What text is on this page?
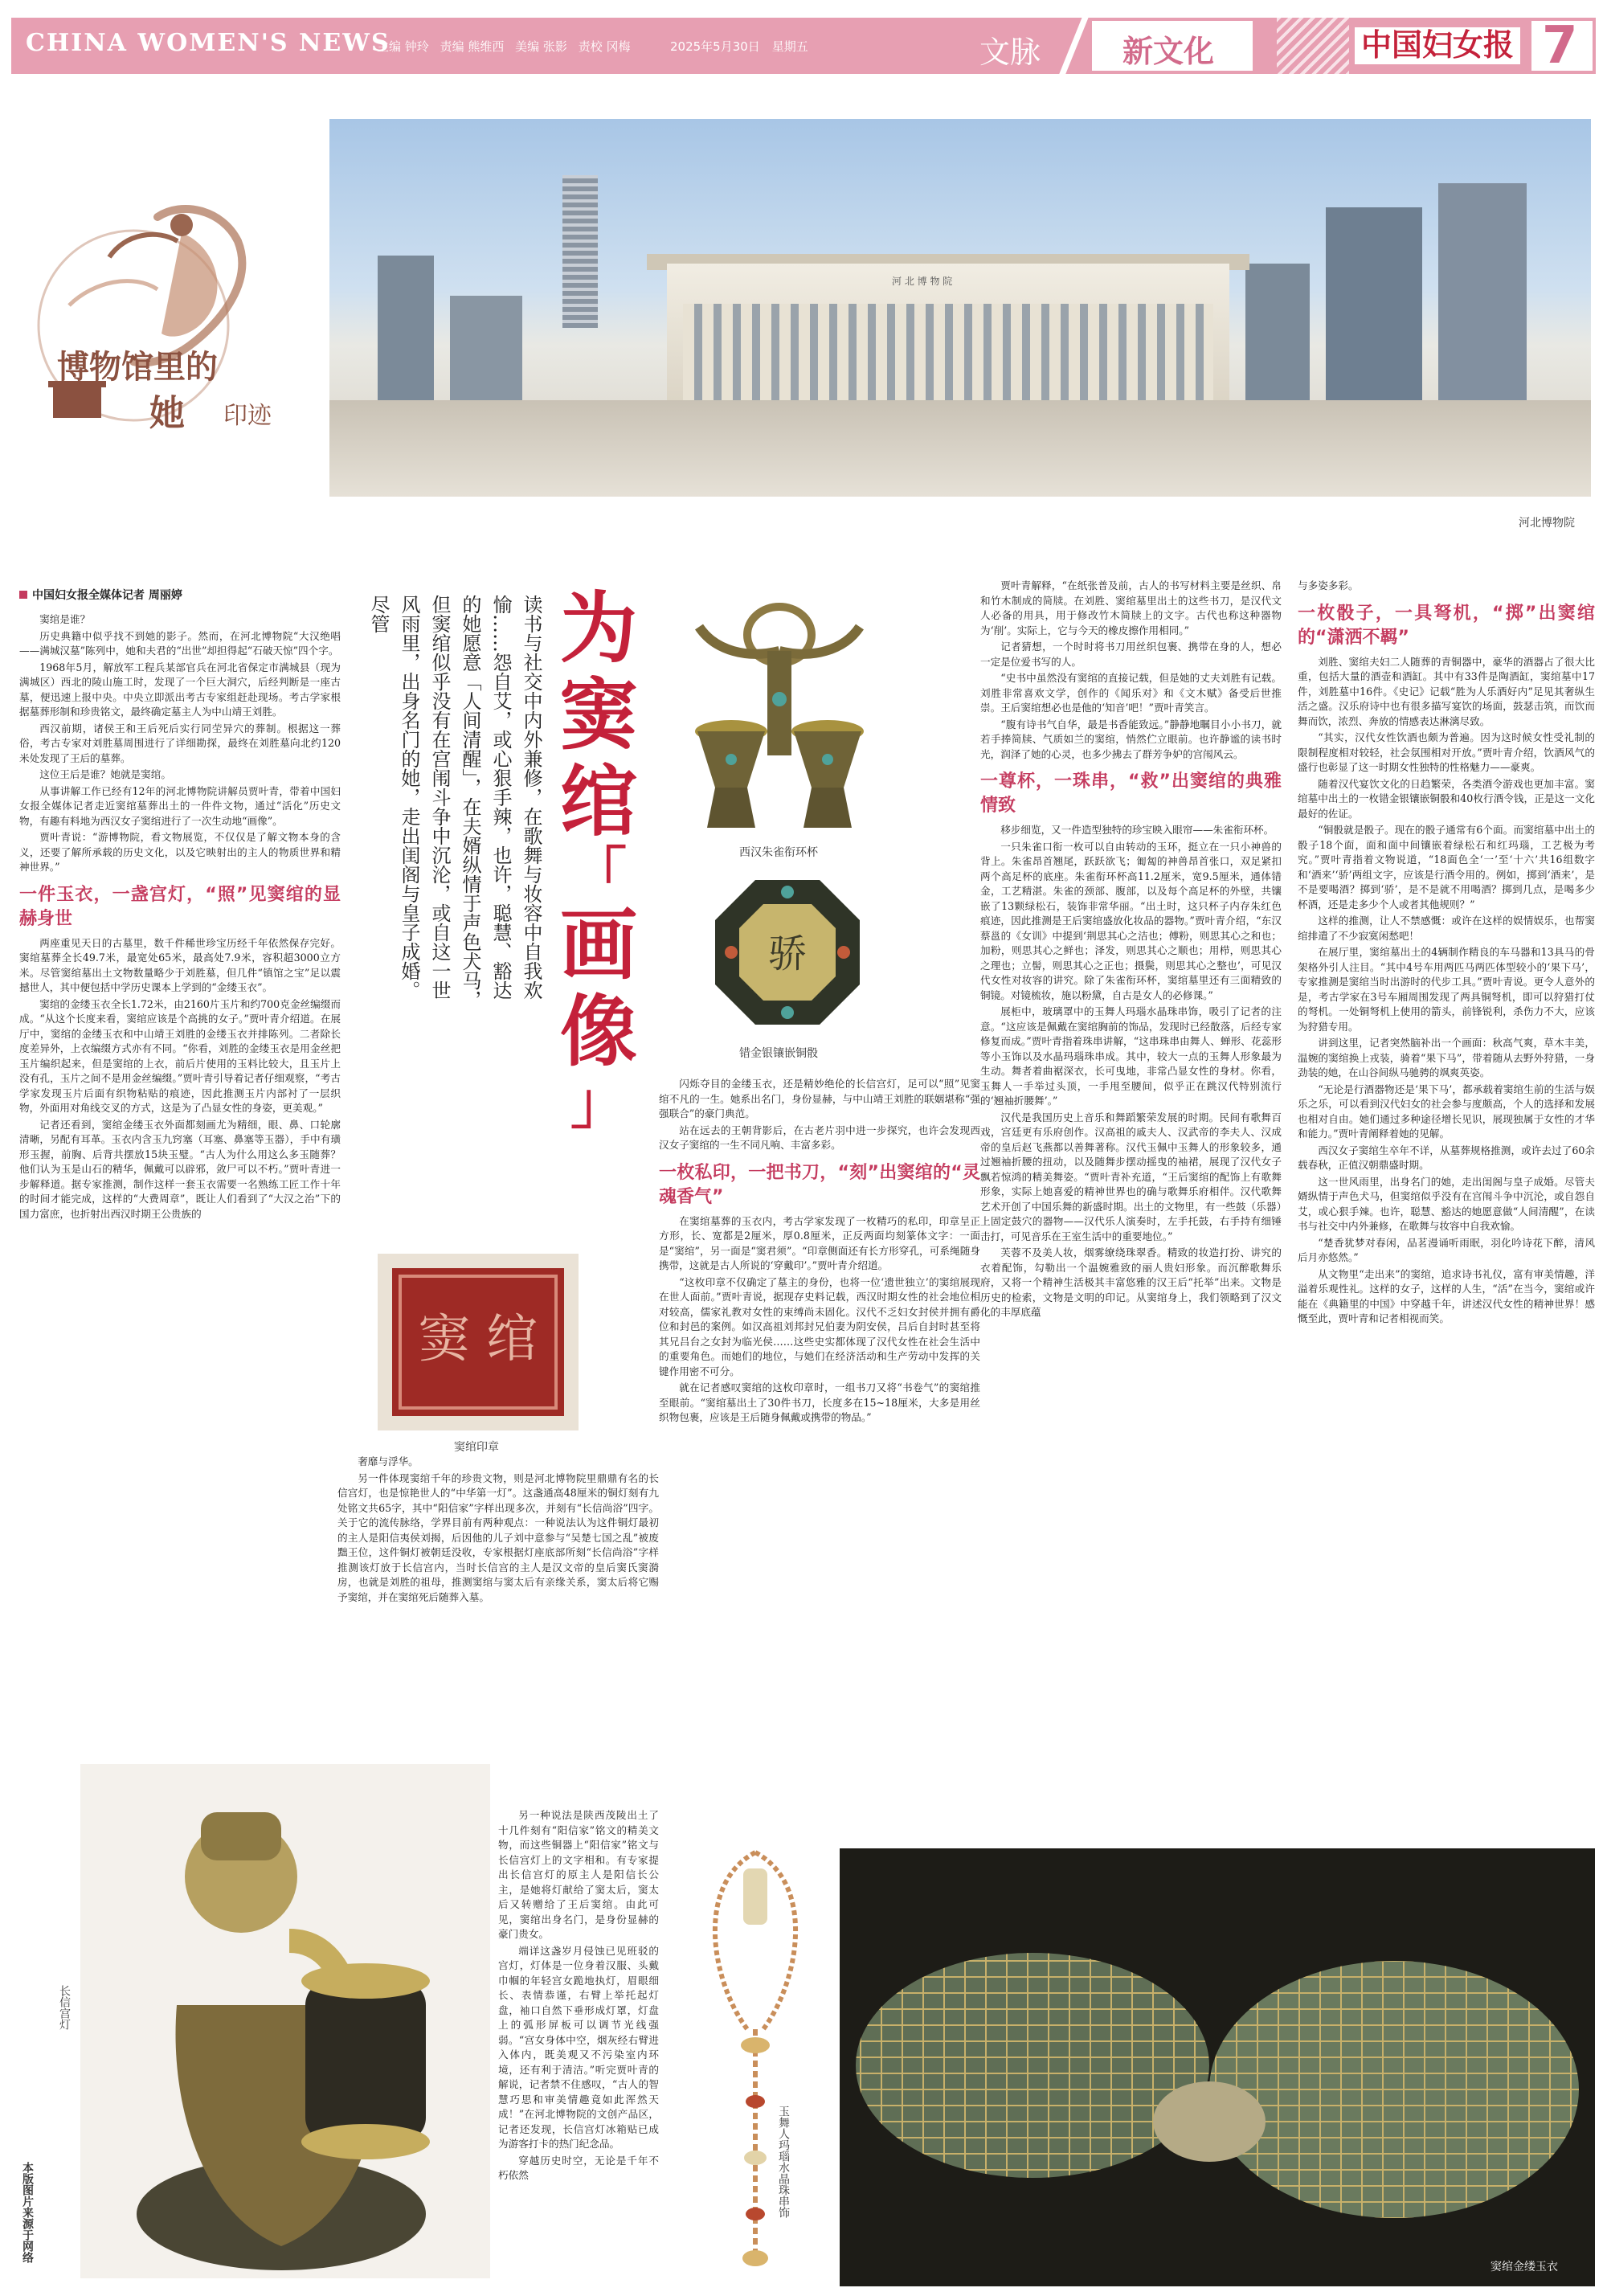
CHINA WOMEN'S NEWS
主编 钟玲 责编 熊维西 美编 张影 责校 冈梅	2025年5月30日　星期五	文脉	新文化	中国妇女报 7
博物馆里的
她 印迹
河 北 博 物 院
河北博物院
中国妇女报全媒体记者 周丽婷

窦绾是谁？

历史典籍中似乎找不到她的影子。然而，在河北博物院“大汉绝唱——满城汉墓”陈列中，她和夫君的“出世”却担得起“石破天惊”四个字。

1968年5月，解放军工程兵某部官兵在河北省保定市满城县（现为满城区）西北的陵山施工时，发现了一个巨大洞穴，后经判断是一座古墓，便迅速上报中央。中央立即派出考古专家组赶赴现场。考古学家根据墓葬形制和珍贵铭文，最终确定墓主人为中山靖王刘胜。

西汉前期，诸侯王和王后死后实行同茔异穴的葬制。根据这一葬俗，考古专家对刘胜墓周围进行了详细勘探，最终在刘胜墓向北约120米处发现了王后的墓葬。

这位王后是谁？她就是窦绾。

从事讲解工作已经有12年的河北博物院讲解员贾叶青，带着中国妇女报全媒体记者走近窦绾墓葬出土的一件件文物，通过“活化”历史文物，有趣有料地为西汉女子窦绾进行了一次生动地“画像”。

贾叶青说：“游博物院，看文物展览，不仅仅是了解文物本身的含义，还要了解所承载的历史文化，以及它映射出的主人的物质世界和精神世界。”

一件玉衣，一盏宫灯，“照”见窦绾的显赫身世

两座重见天日的古墓里，数千件稀世珍宝历经千年依然保存完好。窦绾墓葬全长49.7米，最宽处65米，最高处7.9米，容积超3000立方米。尽管窦绾墓出土文物数量略少于刘胜墓，但几件“镇馆之宝”足以震撼世人，其中便包括中学历史课本上学到的“金缕玉衣”。

窦绾的金缕玉衣全长1.72米，由2160片玉片和约700克金丝编缀而成。“从这个长度来看，窦绾应该是个高挑的女子。”贾叶青介绍道。在展厅中，窦绾的金缕玉衣和中山靖王刘胜的金缕玉衣并排陈列。二者除长度差异外，上衣编缀方式亦有不同。“你看，刘胜的金缕玉衣是用金丝把玉片编织起来，但是窦绾的上衣，前后片使用的玉料比较大，且玉片上没有孔，玉片之间不是用金丝编缀。”贾叶青引导着记者仔细观察，“考古学家发现玉片后面有织物粘贴的痕迹，因此推测玉片内部衬了一层织物，外面用对角线交叉的方式，这是为了凸显女性的身姿，更美观。”

记者还看到，窦绾金缕玉衣外面都刻画尤为精细，眼、鼻、口轮廓清晰，另配有耳革。玉衣内含玉九窍塞（耳塞、鼻塞等玉器），手中有璜形玉握，前胸、后背共摆放15块玉璧。“古人为什么用这么多玉随葬？他们认为玉是山石的精华，佩戴可以辟邪，敛尸可以不朽。”贾叶青进一步解释道。据专家推测，制作这样一套玉衣需要一名熟练工匠工作十年的时间才能完成，这样的“大费周章”，既让人们看到了“大汉之治”下的国力富庶，也折射出西汉时期王公贵族的

读书与社交中内外兼修，在歌舞与妆容中自我欢愉……怨自艾，或心狠手辣，也许，聪慧、豁达的她愿意「人间清醒」，在夫婿纵情于声色犬马，但窦绾似乎没有在宫闱斗争中沉沦，或自这一世风雨里，出身名门的她，走出闺阁与皇子成婚。尽管	为
窦
绾
「
画
像
」
窦 绾
窦绾印章

奢靡与浮华。

另一件体现窦绾千年的珍贵文物，则是河北博物院里鼎鼎有名的长信宫灯，也是惊艳世人的“中华第一灯”。这盏通高48厘米的铜灯刻有九处铭文共65字，其中“阳信家”字样出现多次，并刻有“长信尚浴”四字。关于它的流传脉络，学界目前有两种观点：一种说法认为这件铜灯最初的主人是阳信夷侯刘揭，后因他的儿子刘中意参与“吴楚七国之乱”被废黜王位，这件铜灯被朝廷没收，专家根据灯座底部所刻“长信尚浴”字样推测该灯放于长信宫内，当时长信宫的主人是汉文帝的皇后窦氏窦漪房，也就是刘胜的祖母，推测窦绾与窦太后有亲缘关系，窦太后将它赐予窦绾，并在窦绾死后随葬入墓。

另一种说法是陕西茂陵出土了十几件刻有“阳信家”铭文的精美文物，而这些铜器上“阳信家”铭文与长信宫灯上的文字相和。有专家提出长信宫灯的原主人是阳信长公主，是她将灯献给了窦太后，窦太后又转赠给了王后窦绾。由此可见，窦绾出身名门，是身份显赫的豪门贵女。

端详这盏岁月侵蚀已见班驳的宫灯，灯体是一位身着汉服、头戴巾帼的年轻宫女跪地执灯，眉眼细长、表情恭谨，右臂上举托起灯盘，袖口自然下垂形成灯罩，灯盘上的弧形屏板可以调节光线强弱。“宫女身体中空，烟灰经右臂进入体内，既美观又不污染室内环境，还有利于清洁。”听完贾叶青的解说，记者禁不住感叹，“古人的智慧巧思和审美情趣竟如此浑然天成！”在河北博物院的文创产品区，记者还发现，长信宫灯冰箱贴已成为游客打卡的热门纪念品。

穿越历史时空，无论是千年不朽依然

长信宫灯
本版图片来源于网络
西汉朱雀衔环杯
骄
错金银镶嵌铜骰

闪烁夺目的金缕玉衣，还是精妙绝伦的长信宫灯，足可以“照”见窦绾不凡的一生。她系出名门，身份显赫，与中山靖王刘胜的联姻堪称“强强联合”的豪门典范。

站在远去的王朝背影后，在古老片羽中进一步探究，也许会发现西汉女子窦绾的一生不同凡响、丰富多彩。

一枚私印，一把书刀，“刻”出窦绾的“灵魂香气”

在窦绾墓葬的玉衣内，考古学家发现了一枚精巧的私印，印章呈正方形，长、宽都是2厘米，厚0.8厘米，正反两面均刻篆体文字：一面是“窦绾”，另一面是“窦君须”。“印章侧面还有长方形穿孔，可系绳随身携带，这就是古人所说的‘穿戴印’。”贾叶青介绍道。

“这枚印章不仅确定了墓主的身份，也将一位‘遗世独立’的窦绾展现在世人面前。”贾叶青说，据现存史料记载，西汉时期女性的社会地位相对较高，儒家礼教对女性的束缚尚未固化。汉代不乏妇女封侯并拥有爵位和封邑的案例。如汉高祖刘邦封兄伯妻为阴安侯，吕后自封时甚至将其兄吕台之女封为临光侯……这些史实都体现了汉代女性在社会生活中的重要角色。而她们的地位，与她们在经济活动和生产劳动中发挥的关键作用密不可分。

就在记者感叹窦绾的这枚印章时，一组书刀又将“书卷气”的窦绾推至眼前。“窦绾墓出土了30件书刀，长度多在15~18厘米，大多是用丝织物包裹，应该是王后随身佩戴或携带的物品。”

贾叶青解释，“在纸张普及前，古人的书写材料主要是丝织、帛和竹木制成的简牍。在刘胜、窦绾墓里出土的这些书刀，是汉代文人必备的用具，用于修改竹木简牍上的文字。古代也称这种器物为‘削’。实际上，它与今天的橡皮擦作用相同。”

记者猜想，一个时时将书刀用丝织包裹、携带在身的人，想必一定是位爱书写的人。

“史书中虽然没有窦绾的直接记载，但是她的丈夫刘胜有记载。刘胜非常喜欢文学，创作的《闻乐对》和《文木赋》备受后世推崇。王后窦绾想必也是他的‘知音’吧！”贾叶青笑言。

“腹有诗书气自华，最是书香能致远。”静静地瞩目小小书刀，就若手捧简牍、气质如兰的窦绾，悄然伫立眼前。也许静谧的读书时光，润泽了她的心灵，也多少拂去了群芳争妒的宫闱风云。

一尊杯，一珠串，“救”出窦绾的典雅情致

移步细览，又一件造型独特的珍宝映入眼帘——朱雀衔环杯。

一只朱雀口衔一枚可以自由转动的玉环，挺立在一只小神兽的背上。朱雀昂首翘尾，跃跃欲飞；匍匐的神兽昂首张口，双足紧扣两个高足杯的底座。朱雀衔环杯高11.2厘米，宽9.5厘米，通体错金，工艺精湛。朱雀的颈部、腹部，以及每个高足杯的外壁，共镶嵌了13颗绿松石，装饰非常华丽。“出土时，这只杯子内存朱红色痕迹，因此推测是王后窦绾盛放化妆品的器物。”贾叶青介绍，“东汉蔡邕的《女训》中提到‘荆思其心之洁也；傅粉，则思其心之和也；加粉，则思其心之鲜也；泽发，则思其心之顺也；用栉，则思其心之理也；立髻，则思其心之正也；摄鬓，则思其心之整也’，可见汉代女性对妆容的讲究。除了朱雀衔环杯，窦绾墓里还有三面精致的铜镜。对镜梳妆，施以粉黛，自古是女人的必修课。”

展柜中，玻璃罩中的玉舞人玛瑙水晶珠串饰，吸引了记者的注意。“这应该是佩戴在窦绾胸前的饰品，发现时已经散落，后经专家修复而成。”贾叶青指着珠串讲解，“这串珠串由舞人、蝉形、花蕊形等小玉饰以及水晶玛瑙珠串成。其中，较大一点的玉舞人形象最为生动。舞者着曲裾深衣，长可曳地，非常凸显女性的身材。你看，玉舞人一手举过头顶，一手甩至腰间，似乎正在跳汉代特别流行的‘翘袖折腰舞’。”

汉代是我国历史上音乐和舞蹈繁荣发展的时期。民间有歌舞百戏，宫廷更有乐府创作。汉高祖的戚夫人、汉武帝的李夫人、汉成帝的皇后赵飞燕都以善舞著称。汉代玉佩中玉舞人的形象较多，通过翘袖折腰的扭动，以及随舞步摆动摇曳的袖裙，展现了汉代女子飘若惊鸿的精美舞姿。“贾叶青补充道，“王后窦绾的配饰上有歌舞形象，实际上她喜爱的精神世界也的确与歌舞乐府相伴。汉代歌舞艺术开创了中国乐舞的新盛时期。出土的文物里，有一些鼓（乐器）上固定鼓穴的器物——汉代乐人演奏时，左手托鼓，右手持有细锤击打，可见音乐在王室生活中的重要地位。”

芙蓉不及美人妆，烟雾缭绕珠翠香。精致的妆造打扮、讲究的衣着配饰，勾勒出一个温婉雅致的丽人贵妇形象。而沉醉歌舞乐府，又将一个精神生活极其丰富悠雅的汉王后“托举”出来。文物是历史的检索，文物是文明的印记。从窦绾身上，我们领略到了汉文化的丰厚底蕴

与多姿多彩。

一枚骰子，一具弩机，“掷”出窦绾的“潇洒不羁”

刘胜、窦绾夫妇二人随葬的青铜器中，豪华的酒器占了很大比重，包括大量的酒壶和酒缸。其中有33件是陶酒缸，窦绾墓中17件，刘胜墓中16件。《史记》记载“胜为人乐酒好内”足见其奢纵生活之盛。汉乐府诗中也有很多描写宴饮的场面，鼓瑟击筑，而饮而舞而饮，浓烈、奔放的情感表达淋漓尽致。

“其实，汉代女性饮酒也颇为普遍。因为这时候女性受礼制的限制程度相对较轻，社会氛围相对开放。”贾叶青介绍，饮酒风气的盛行也彰显了这一时期女性独特的性格魅力——豪爽。

随着汉代宴饮文化的日趋繁荣，各类酒令游戏也更加丰富。窦绾墓中出土的一枚错金银镶嵌铜骰和40枚行酒令钱，正是这一文化最好的佐证。

“铜骰就是骰子。现在的骰子通常有6个面。而窦绾墓中出土的骰子18个面，面和面中间镶嵌着绿松石和红玛瑙，工艺极为考究。”贾叶青指着文物说道，“18面色全‘一’至‘十六’共16组数字和‘酒来’‘骄’两组文字，应该是行酒令用的。例如，掷到‘酒来’，是不是要喝酒？掷到‘骄’，是不是就不用喝酒？掷到几点，是喝多少杯酒，还是走多少个人或者其他规则？”

这样的推测，让人不禁感慨：或许在这样的娱情娱乐，也帮窦绾排遣了不少寂寞闲愁吧！

在展厅里，窦绾墓出土的4辆制作精良的车马器和13具马的骨架格外引人注目。“其中4号车用两匹马两匹体型较小的‘果下马’，专家推测是窦绾当时出游时的代步工具。”贾叶青说。更令人意外的是，考古学家在3号车厢周围发现了两具铜弩机，即可以狩猎打仗的弩机。一处铜弩机上使用的箭头，前锋锐利，杀伤力不大，应该为狩猎专用。

讲到这里，记者突然脑补出一个画面：秋高气爽，草木丰美，温婉的窦绾换上戎装，骑着“果下马”，带着随从去野外狩猎，一身劲装的她，在山谷间纵马驰骋的飒爽英姿。

“无论是行酒器物还是‘果下马’，都承载着窦绾生前的生活与娱乐之乐，可以看到汉代妇女的社会参与度颇高，个人的选择和发展也相对自由。她们通过多种途径增长见识，展现独属于女性的才华和能力。”贾叶青阐释着她的见解。

西汉女子窦绾生卒年不详，从墓葬规格推测，或许去过了60余载春秋，正值汉朝鼎盛时期。

这一世风雨里，出身名门的她，走出闺阁与皇子成婚。尽管夫婿纵情于声色犬马，但窦绾似乎没有在宫闱斗争中沉沦，或自怨自艾，或心狠手辣。也许，聪慧、豁达的她愿意做“人间清醒”，在读书与社交中内外兼修，在歌舞与妆容中自我欢愉。

“楚香犹梦对春闲，品茗漫诵听雨眠，羽化吟诗花下醉，清风后月亦悠然。”

从文物里“走出来”的窦绾，追求诗书礼仪，富有审美情趣，洋溢着乐观性礼。这样的女子，这样的人生，“活”在当今，窦绾或许能在《典籍里的中国》中穿越千年，讲述汉代女性的精神世界！感慨至此，贾叶青和记者相视而笑。

玉舞人玛瑙水晶珠串饰
窦绾金缕玉衣
